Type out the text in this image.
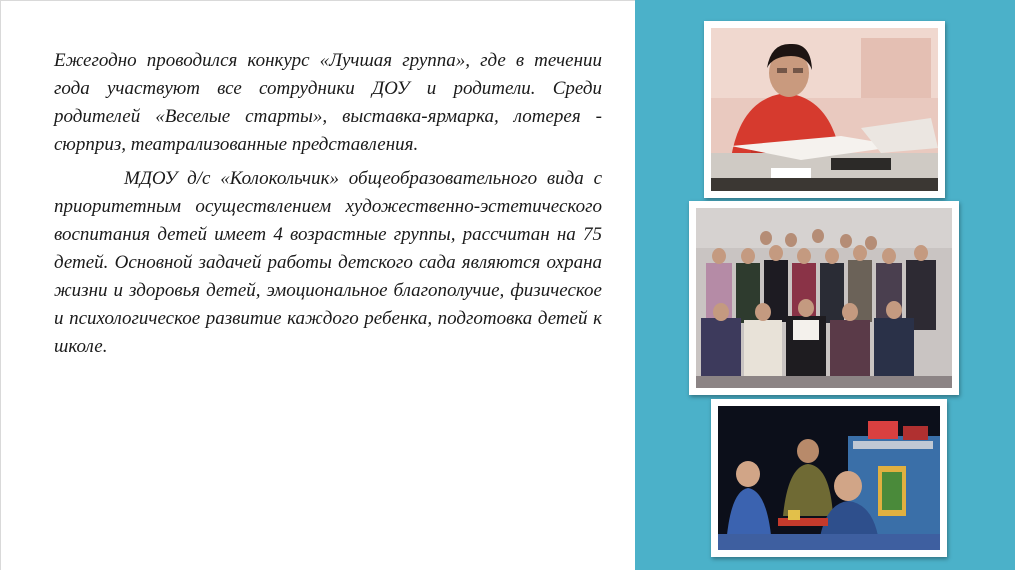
Ежегодно проводился конкурс «Лучшая группа», где в течении года участвуют все сотрудники ДОУ и родители. Среди родителей «Веселые старты», выставка-ярмарка, лотерея - сюрприз, театрализованные представления.

МДОУ д/с «Колокольчик» общеобразовательного вида с приоритетным осуществлением художественно-эстетического воспитания детей имеет 4 возрастные группы, рассчитан на 75 детей. Основной задачей работы детского сада являются охрана жизни и здоровья детей, эмоциональное благополучие, физическое и психологическое развитие каждого ребенка, подготовка детей к школе.
